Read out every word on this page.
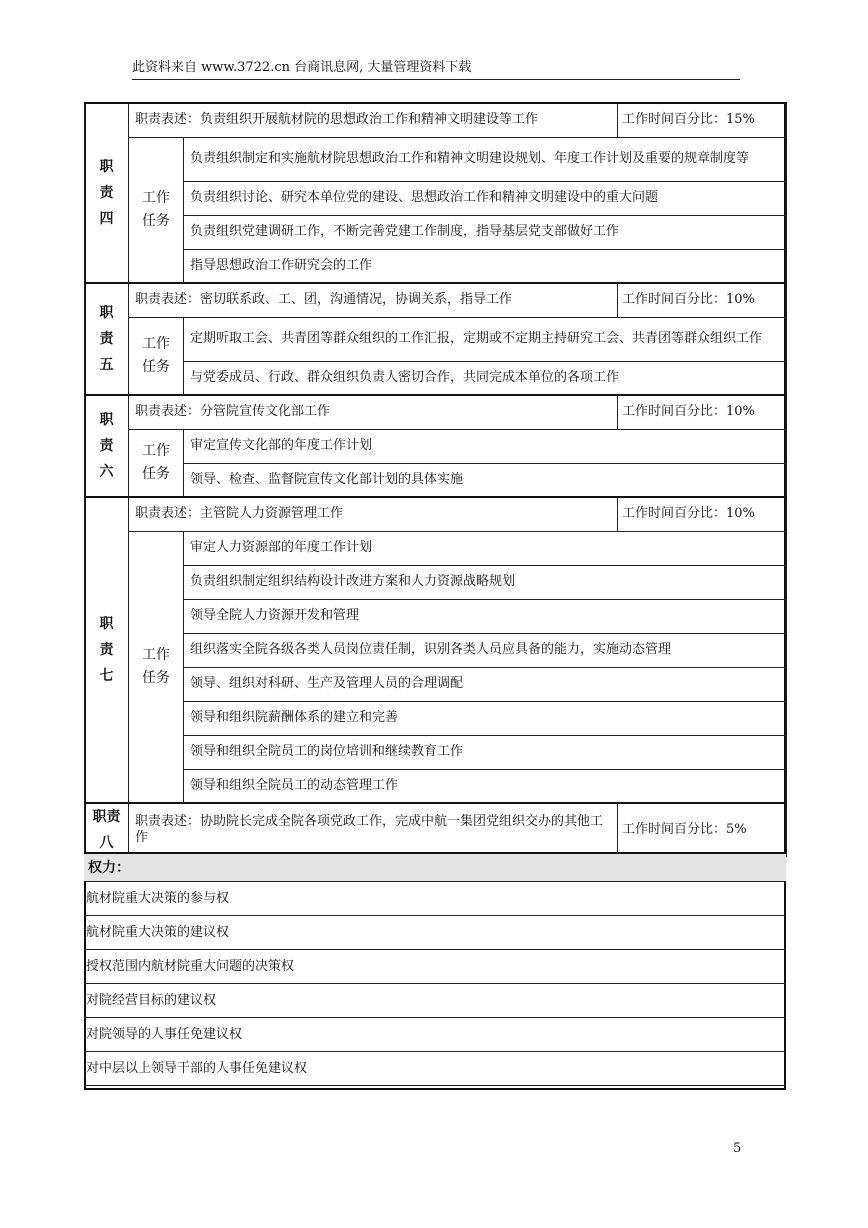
此资料来自 www.3722.cn 台商讯息网, 大量管理资料下载
职
责
四	职责表述：负责组织开展航材院的思想政治工作和精神文明建设等工作		工作时间百分比：15%

	工作
任务	负责组织制定和实施航材院思想政治工作和精神文明建设规划、年度工作计划及重要的规章制度等	
		负责组织讨论、研究本单位党的建设、思想政治工作和精神文明建设中的重大问题	
		负责组织党建调研工作，不断完善党建工作制度，指导基层党支部做好工作	
		指导思想政治工作研究会的工作	

职
责
五	职责表述：密切联系政、工、团，沟通情况，协调关系，指导工作		工作时间百分比：10%

	工作
任务	定期听取工会、共青团等群众组织的工作汇报，定期或不定期主持研究工会、共青团等群众组织工作	
		与党委成员、行政、群众组织负责人密切合作，共同完成本单位的各项工作	

职
责
六	职责表述：分管院宣传文化部工作		工作时间百分比：10%

	工作
任务	审定宣传文化部的年度工作计划	
		领导、检查、监督院宣传文化部计划的具体实施	

职
责
七	职责表述：主管院人力资源管理工作		工作时间百分比：10%

	工作
任务	审定人力资源部的年度工作计划	
		负责组织制定组织结构设计改进方案和人力资源战略规划	
		领导全院人力资源开发和管理	
		组织落实全院各级各类人员岗位责任制，识别各类人员应具备的能力，实施动态管理	
		领导、组织对科研、生产及管理人员的合理调配	
		领导和组织院薪酬体系的建立和完善	
		领导和组织全院员工的岗位培训和继续教育工作	
		领导和组织全院员工的动态管理工作	

职责
八	职责表述：协助院长完成全院各项党政工作，完成中航一集团党组织交办的其他工作		工作时间百分比：5%
权力：
航材院重大决策的参与权
航材院重大决策的建议权
授权范围内航材院重大问题的决策权
对院经营目标的建议权
对院领导的人事任免建议权
对中层以上领导干部的人事任免建议权
5
